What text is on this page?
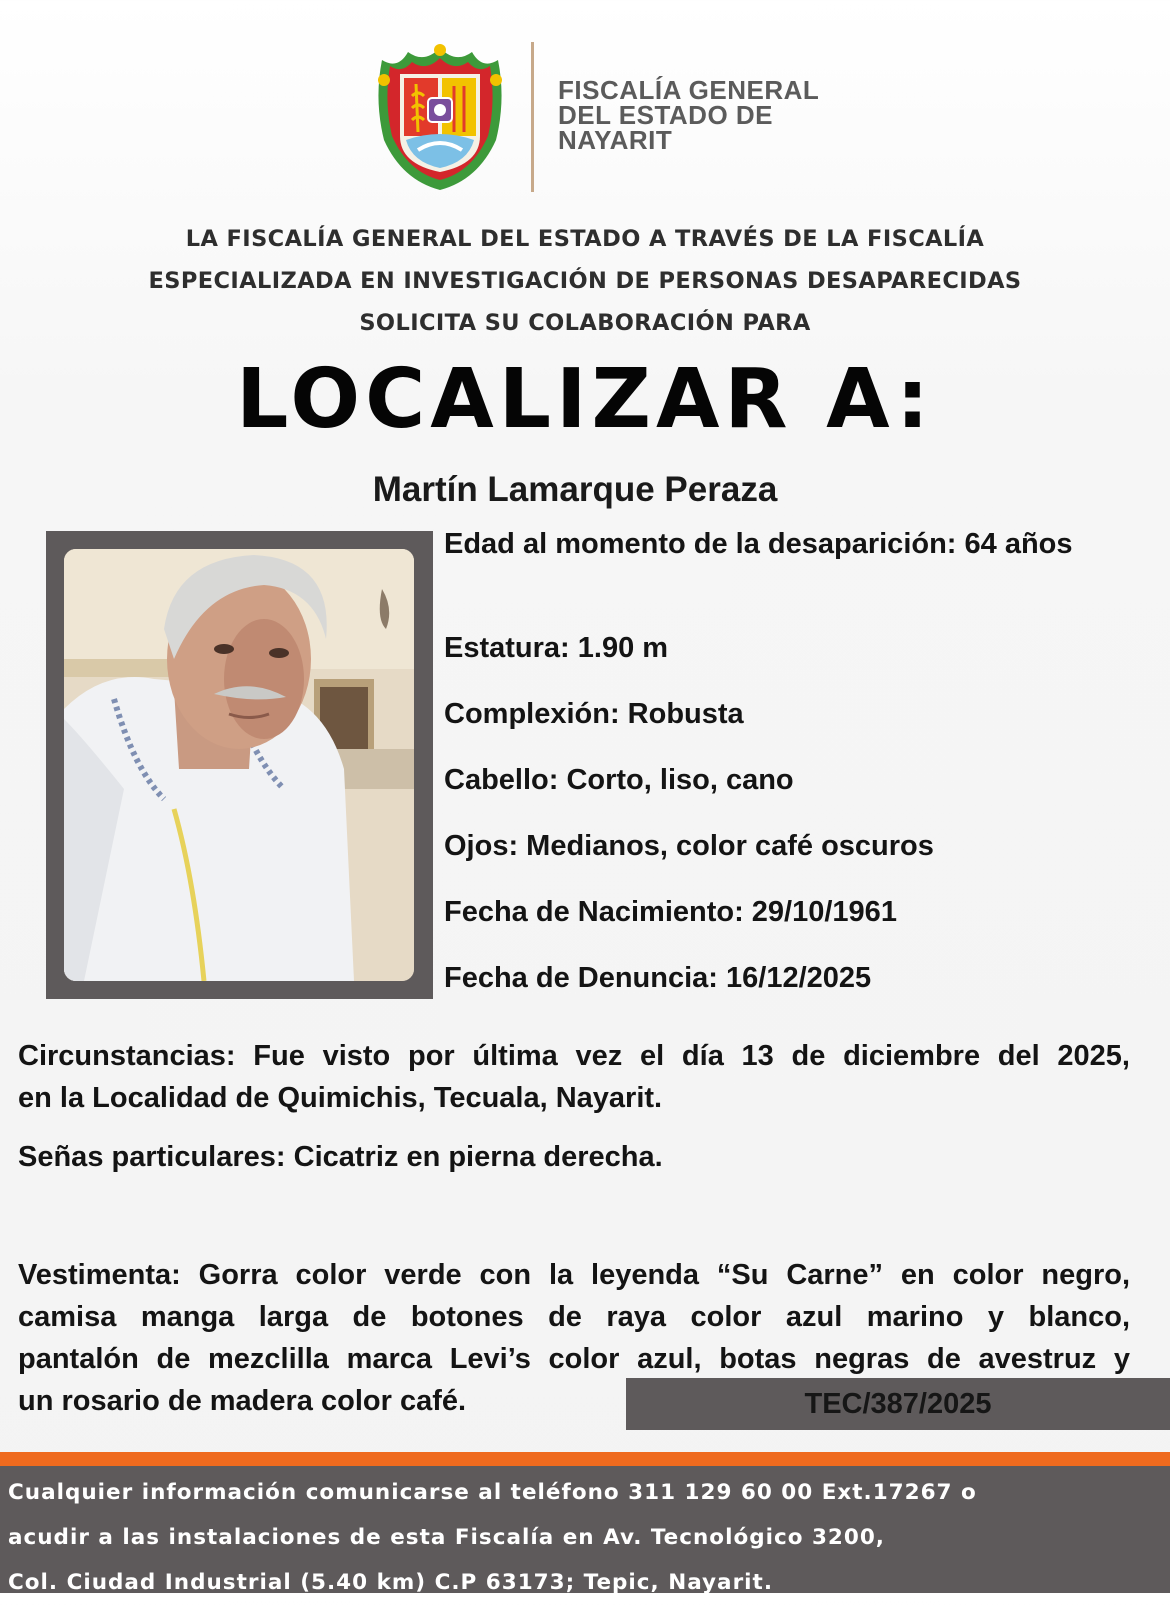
FISCALÍA GENERAL
DEL ESTADO DE
NAYARIT
LA FISCALÍA GENERAL DEL ESTADO A TRAVÉS DE LA FISCALÍA
ESPECIALIZADA EN INVESTIGACIÓN DE PERSONAS DESAPARECIDAS
SOLICITA SU COLABORACIÓN PARA
LOCALIZAR A:
Martín Lamarque Peraza
Edad al momento de la desaparición: 64 años
Estatura: 1.90 m
Complexión: Robusta
Cabello: Corto, liso, cano
Ojos: Medianos, color café oscuros
Fecha de Nacimiento: 29/10/1961
Fecha de Denuncia: 16/12/2025
Circunstancias: Fue visto por última vez el día 13 de diciembre del 2025,
en la Localidad de Quimichis, Tecuala, Nayarit.
Señas particulares: Cicatriz en pierna derecha.
Vestimenta: Gorra color verde con la leyenda “Su Carne” en color negro,
camisa manga larga de botones de raya color azul marino y blanco,
pantalón de mezclilla marca Levi’s color azul, botas negras de avestruz y
un rosario de madera color café.	TEC/387/2025
Cualquier información comunicarse al teléfono 311 129 60 00 Ext.17267 o
acudir a las instalaciones de esta Fiscalía en Av. Tecnológico 3200,
Col. Ciudad Industrial (5.40 km) C.P 63173; Tepic, Nayarit.
